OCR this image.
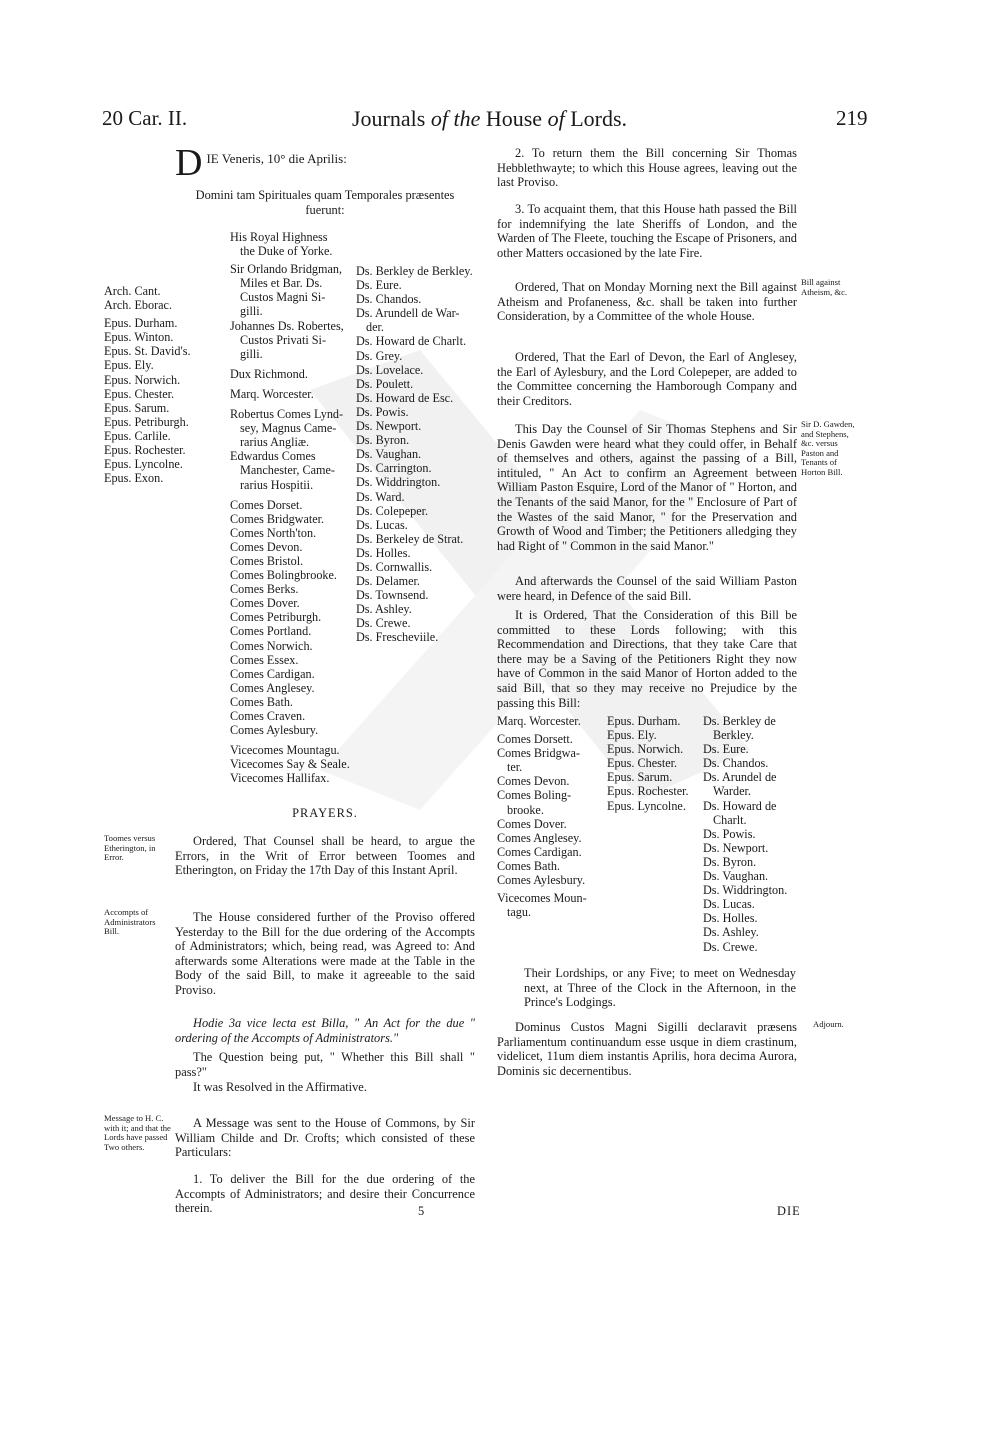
20 Car. II.	Journals of the House of Lords.	219
D $_{IE Veneris, 10^\circ die Aprilis:}$
Domini tam Spirituales quam Temporales præsentes
fuerunt:
Arch. Cant.
Arch. Eborac.
Epus. Durham.
Epus. Winton.
Epus. St. David's.
Epus. Ely.
Epus. Norwich.
Epus. Chester.
Epus. Sarum.
Epus. Petriburgh.
Epus. Carlile.
Epus. Rochester.
Epus. Lyncolne.
Epus. Exon.
His Royal Highness
the Duke of Yorke.
Sir Orlando Bridgman,
Miles et Bar. Ds.
Custos Magni Si-
gilli.
Johannes Ds. Robertes,
Custos Privati Si-
gilli.
Dux Richmond.
Marq. Worcester.
Robertus Comes Lynd-
sey, Magnus Came-
rarius Angliæ.
Edwardus Comes
Manchester, Came-
rarius Hospitii.
Comes Dorset.
Comes Bridgwater.
Comes North'ton.
Comes Devon.
Comes Bristol.
Comes Bolingbrooke.
Comes Berks.
Comes Dover.
Comes Petriburgh.
Comes Portland.
Comes Norwich.
Comes Essex.
Comes Cardigan.
Comes Anglesey.
Comes Bath.
Comes Craven.
Comes Aylesbury.
Vicecomes Mountagu.
Vicecomes Say & Seale.
Vicecomes Hallifax.
Ds. Berkley de Berkley.
Ds. Eure.
Ds. Chandos.
Ds. Arundell de War-
der.
Ds. Howard de Charlt.
Ds. Grey.
Ds. Lovelace.
Ds. Poulett.
Ds. Howard de Esc.
Ds. Powis.
Ds. Newport.
Ds. Byron.
Ds. Vaughan.
Ds. Carrington.
Ds. Widdrington.
Ds. Ward.
Ds. Colepeper.
Ds. Lucas.
Ds. Berkeley de Strat.
Ds. Holles.
Ds. Cornwallis.
Ds. Delamer.
Ds. Townsend.
Ds. Ashley.
Ds. Crewe.
Ds. Frescheviile.
PRAYERS.
Toomes versus Etherington, in Error.

Ordered, That Counsel shall be heard, to argue the Errors, in the Writ of Error between Toomes and Etherington, on Friday the 17th Day of this Instant April.

Accompts of Administrators Bill.

The House considered further of the Proviso offered Yesterday to the Bill for the due ordering of the Accompts of Administrators; which, being read, was Agreed to: And afterwards some Alterations were made at the Table in the Body of the said Bill, to make it agreeable to the said Proviso.

Hodie 3a vice lecta est Billa, " An Act for the due " ordering of the Accompts of Administrators."

The Question being put, " Whether this Bill shall " pass?"

It was Resolved in the Affirmative.

Message to H. C. with it; and that the Lords have passed Two others.

A Message was sent to the House of Commons, by Sir William Childe and Dr. Crofts; which consisted of these Particulars:

1. To deliver the Bill for the due ordering of the Accompts of Administrators; and desire their Concurrence therein.	5

2. To return them the Bill concerning Sir Thomas Hebblethwayte; to which this House agrees, leaving out the last Proviso.

3. To acquaint them, that this House hath passed the Bill for indemnifying the late Sheriffs of London, and the Warden of The Fleete, touching the Escape of Prisoners, and other Matters occasioned by the late Fire.

Bill against Atheism, &c.

Ordered, That on Monday Morning next the Bill against Atheism and Profaneness, &c. shall be taken into further Consideration, by a Committee of the whole House.

Ordered, That the Earl of Devon, the Earl of Anglesey, the Earl of Aylesbury, and the Lord Colepeper, are added to the Committee concerning the Hamborough Company and their Creditors.

Sir D. Gawden, and Stephens, &c. versus Paston and Tenants of Horton Bill.

This Day the Counsel of Sir Thomas Stephens and Sir Denis Gawden were heard what they could offer, in Behalf of themselves and others, against the passing of a Bill, intituled, " An Act to confirm an Agreement between William Paston Esquire, Lord of the Manor of " Horton, and the Tenants of the said Manor, for the " Enclosure of Part of the Wastes of the said Manor, " for the Preservation and Growth of Wood and Timber; the Petitioners alledging they had Right of " Common in the said Manor."

And afterwards the Counsel of the said William Paston were heard, in Defence of the said Bill.

It is Ordered, That the Consideration of this Bill be committed to these Lords following; with this Recommendation and Directions, that they take Care that there may be a Saving of the Petitioners Right they now have of Common in the said Manor of Horton added to the said Bill, that so they may receive no Prejudice by the passing this Bill:

Marq. Worcester.
Comes Dorsett.
Comes Bridgwa-
ter.
Comes Devon.
Comes Boling-
brooke.
Comes Dover.
Comes Anglesey.
Comes Cardigan.
Comes Bath.
Comes Aylesbury.
Vicecomes Moun-
tagu.
Epus. Durham.
Epus. Ely.
Epus. Norwich.
Epus. Chester.
Epus. Sarum.
Epus. Rochester.
Epus. Lyncolne.
Ds. Berkley de
Berkley.
Ds. Eure.
Ds. Chandos.
Ds. Arundel de
Warder.
Ds. Howard de
Charlt.
Ds. Powis.
Ds. Newport.
Ds. Byron.
Ds. Vaughan.
Ds. Widdrington.
Ds. Lucas.
Ds. Holles.
Ds. Ashley.
Ds. Crewe.

Their Lordships, or any Five; to meet on Wednesday next, at Three of the Clock in the Afternoon, in the Prince's Lodgings.

Adjourn.

Dominus Custos Magni Sigilli declaravit præsens Parliamentum continuandum esse usque in diem crastinum, videlicet, 11um diem instantis Aprilis, hora decima Aurora, Dominis sic decernentibus.

DIE
